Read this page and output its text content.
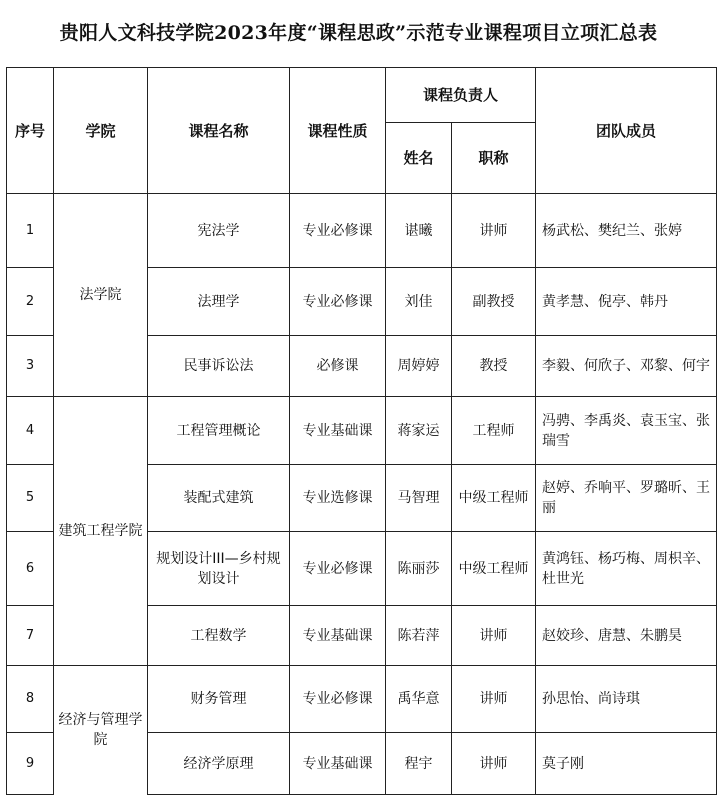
贵阳人文科技学院2023年度“课程思政”示范专业课程项目立项汇总表
序号	学院	课程名称	课程性质	课程负责人		团队成员
				姓名	职称	
1	法学院	宪法学	专业必修课	谌曦	讲师	杨武松、樊纪兰、张婷
2		法理学	专业必修课	刘佳	副教授	黄孝慧、倪亭、韩丹
3		民事诉讼法	必修课	周婷婷	教授	李毅、何欣子、邓黎、何宇
4	建筑工程学院	工程管理概论	专业基础课	蒋家运	工程师	冯骋、李禹炎、袁玉宝、张瑞雪
5		装配式建筑	专业选修课	马智理	中级工程师	赵婷、乔响平、罗璐昕、王丽
6		规划设计III—乡村规划设计	专业必修课	陈丽莎	中级工程师	黄鸿钰、杨巧梅、周枳辛、杜世光
7		工程数学	专业基础课	陈若萍	讲师	赵姣珍、唐慧、朱鹏昊
8	经济与管理学院	财务管理	专业必修课	禹华意	讲师	孙思怡、尚诗琪
9		经济学原理	专业基础课	程宇	讲师	莫子刚
